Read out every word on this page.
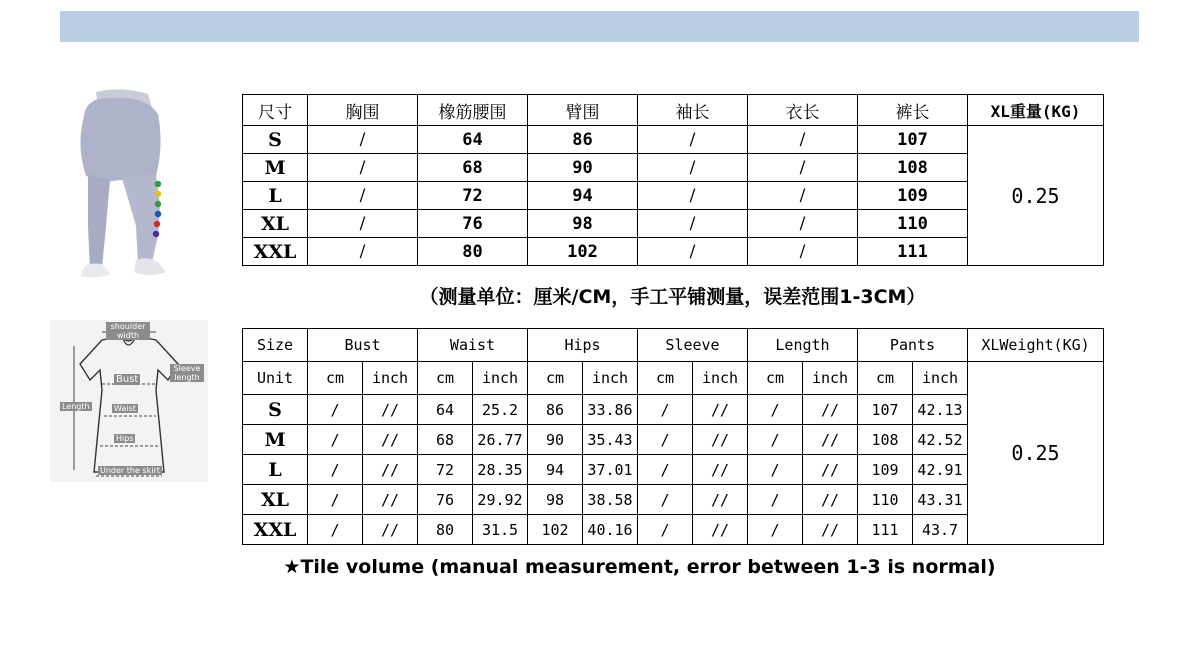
shoulder width
Sleeve length
Length
Bust
Waist
Hips
Under the skirt
尺寸	胸围	橡筋腰围	臂围	袖长	衣长	裤长	XL重量(KG)
S	/	64	86	/	/	107	0.25
M	/	68	90	/	/	108	
L	/	72	94	/	/	109	
XL	/	76	98	/	/	110	
XXL	/	80	102	/	/	111	
（测量单位：厘米/CM，手工平铺测量，误差范围1-3CM）
Size	Bust		Waist		Hips		Sleeve		Length		Pants		XLWeight(KG)
Unit	cm	inch	cm	inch	cm	inch	cm	inch	cm	inch	cm	inch	0.25
S	/	//	64	25.2	86	33.86	/	//	/	//	107	42.13	
M	/	//	68	26.77	90	35.43	/	//	/	//	108	42.52	
L	/	//	72	28.35	94	37.01	/	//	/	//	109	42.91	
XL	/	//	76	29.92	98	38.58	/	//	/	//	110	43.31	
XXL	/	//	80	31.5	102	40.16	/	//	/	//	111	43.7	
★Tile volume (manual measurement, error between 1-3 is normal)
